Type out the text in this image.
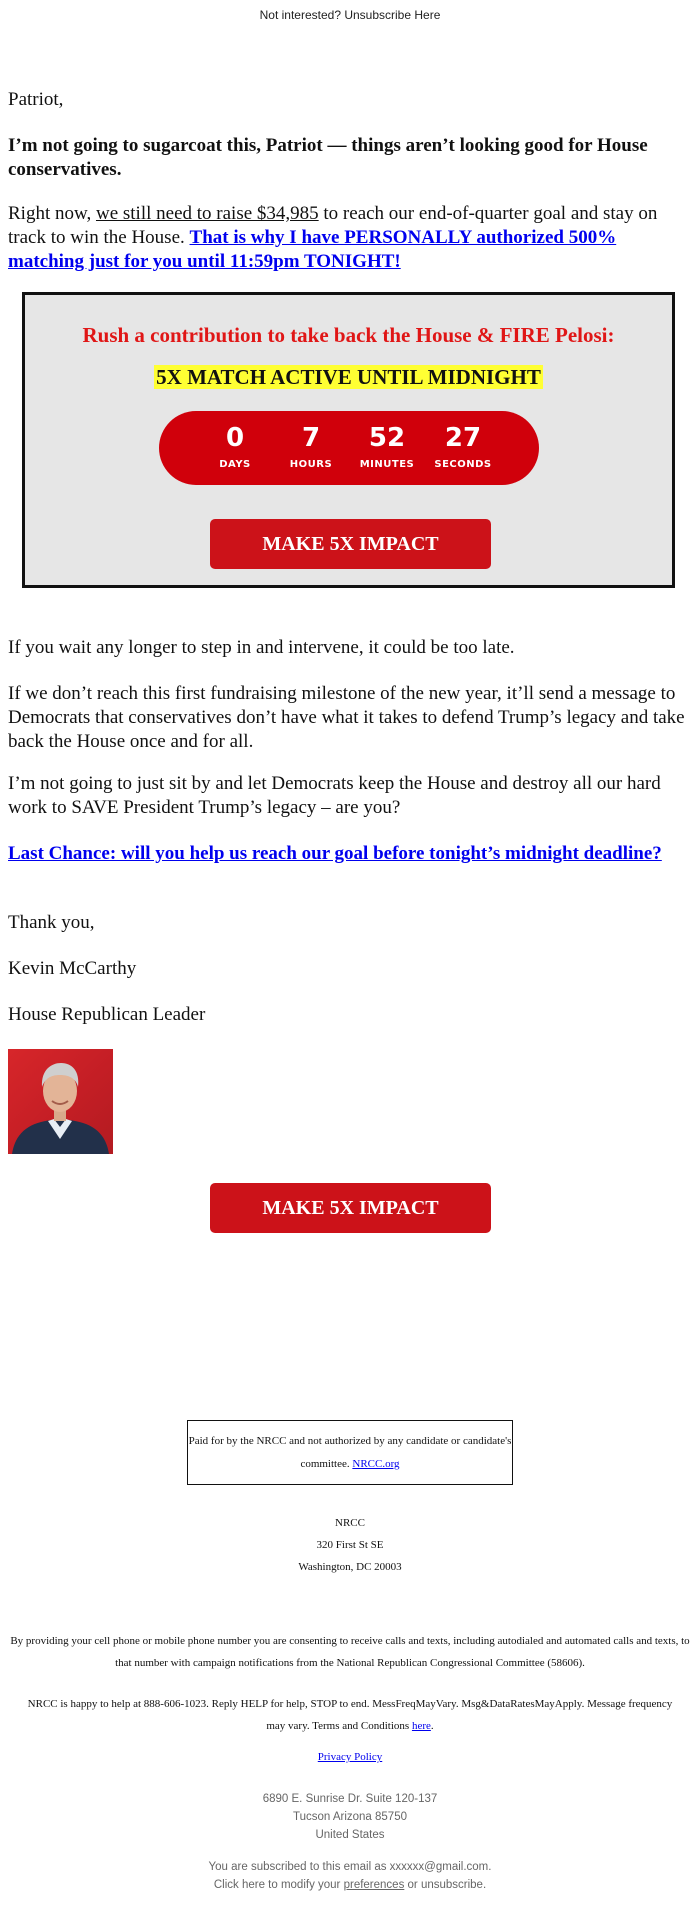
Not interested? Unsubscribe Here
Patriot,
I’m not going to sugarcoat this, Patriot — things aren’t looking good for House conservatives.
Right now, we still need to raise $34,985 to reach our end-of-quarter goal and stay on track to win the House. That is why I have PERSONALLY authorized 500% matching just for you until 11:59pm TONIGHT!
Rush a contribution to take back the House & FIRE Pelosi:
5X MATCH ACTIVE UNTIL MIDNIGHT
0
DAYS
7
HOURS
52
MINUTES
27
SECONDS
MAKE 5X IMPACT
If you wait any longer to step in and intervene, it could be too late.
If we don’t reach this first fundraising milestone of the new year, it’ll send a message to Democrats that conservatives don’t have what it takes to defend Trump’s legacy and take back the House once and for all.
I’m not going to just sit by and let Democrats keep the House and destroy all our hard work to SAVE President Trump’s legacy – are you?
Last Chance: will you help us reach our goal before tonight’s midnight deadline?
Thank you,
Kevin McCarthy
House Republican Leader
MAKE 5X IMPACT
Paid for by the NRCC and not authorized by any candidate or candidate's committee. NRCC.org
NRCC
320 First St SE
Washington, DC 20003
By providing your cell phone or mobile phone number you are consenting to receive calls and texts, including autodialed and automated calls and texts, to that number with campaign notifications from the National Republican Congressional Committee (58606).
NRCC is happy to help at 888-606-1023. Reply HELP for help, STOP to end. MessFreqMayVary. Msg&DataRatesMayApply. Message frequency may vary. Terms and Conditions here.
Privacy Policy
6890 E. Sunrise Dr. Suite 120-137
Tucson Arizona 85750
United States
You are subscribed to this email as xxxxxx@gmail.com.
Click here to modify your preferences or unsubscribe.
